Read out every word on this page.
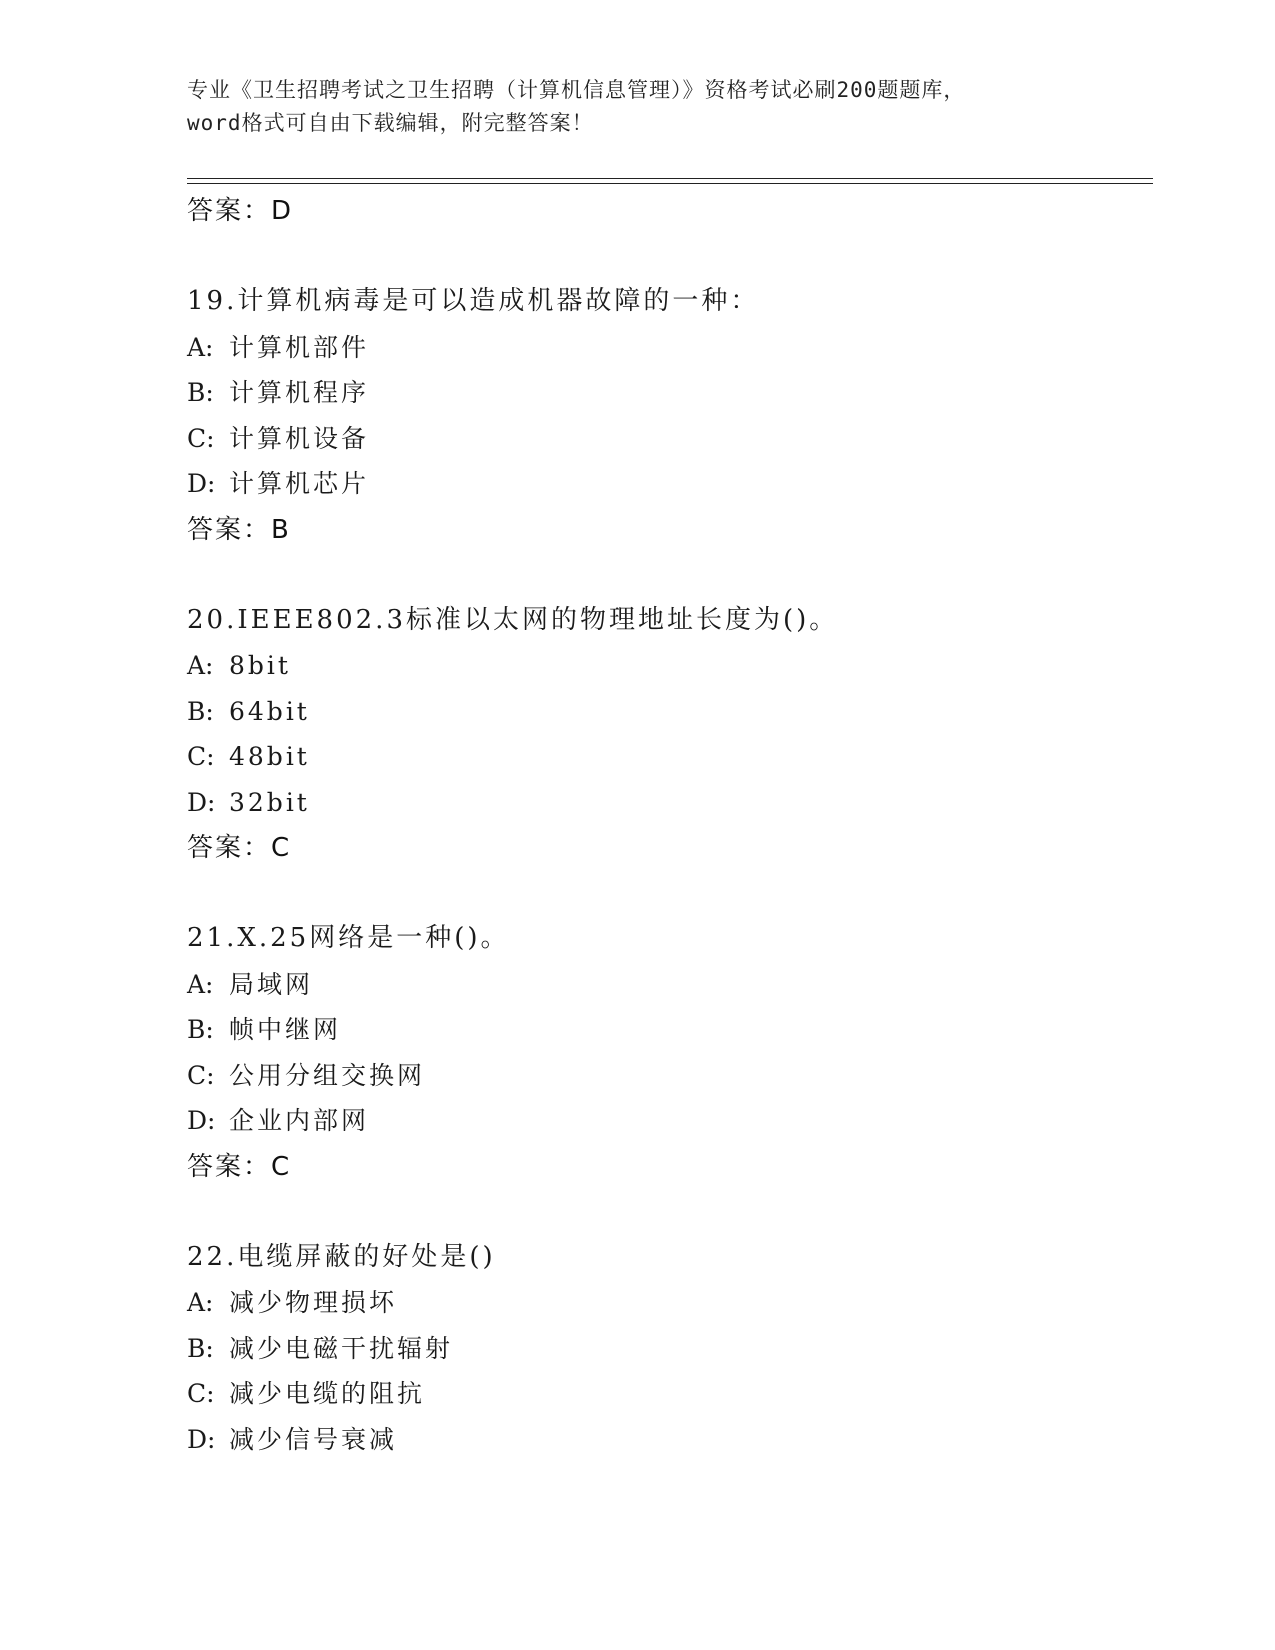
专业《卫生招聘考试之卫生招聘（计算机信息管理）》资格考试必刷200题题库，
word格式可自由下载编辑，附完整答案！
答案：D
19.计算机病毒是可以造成机器故障的一种：
A: 计算机部件
B: 计算机程序
C: 计算机设备
D: 计算机芯片
答案：B
20.IEEE802.3标准以太网的物理地址长度为()。
A: 8bit
B: 64bit
C: 48bit
D: 32bit
答案：C
21.X.25网络是一种()。
A: 局域网
B: 帧中继网
C: 公用分组交换网
D: 企业内部网
答案：C
22.电缆屏蔽的好处是()
A: 减少物理损坏
B: 减少电磁干扰辐射
C: 减少电缆的阻抗
D: 减少信号衰减
